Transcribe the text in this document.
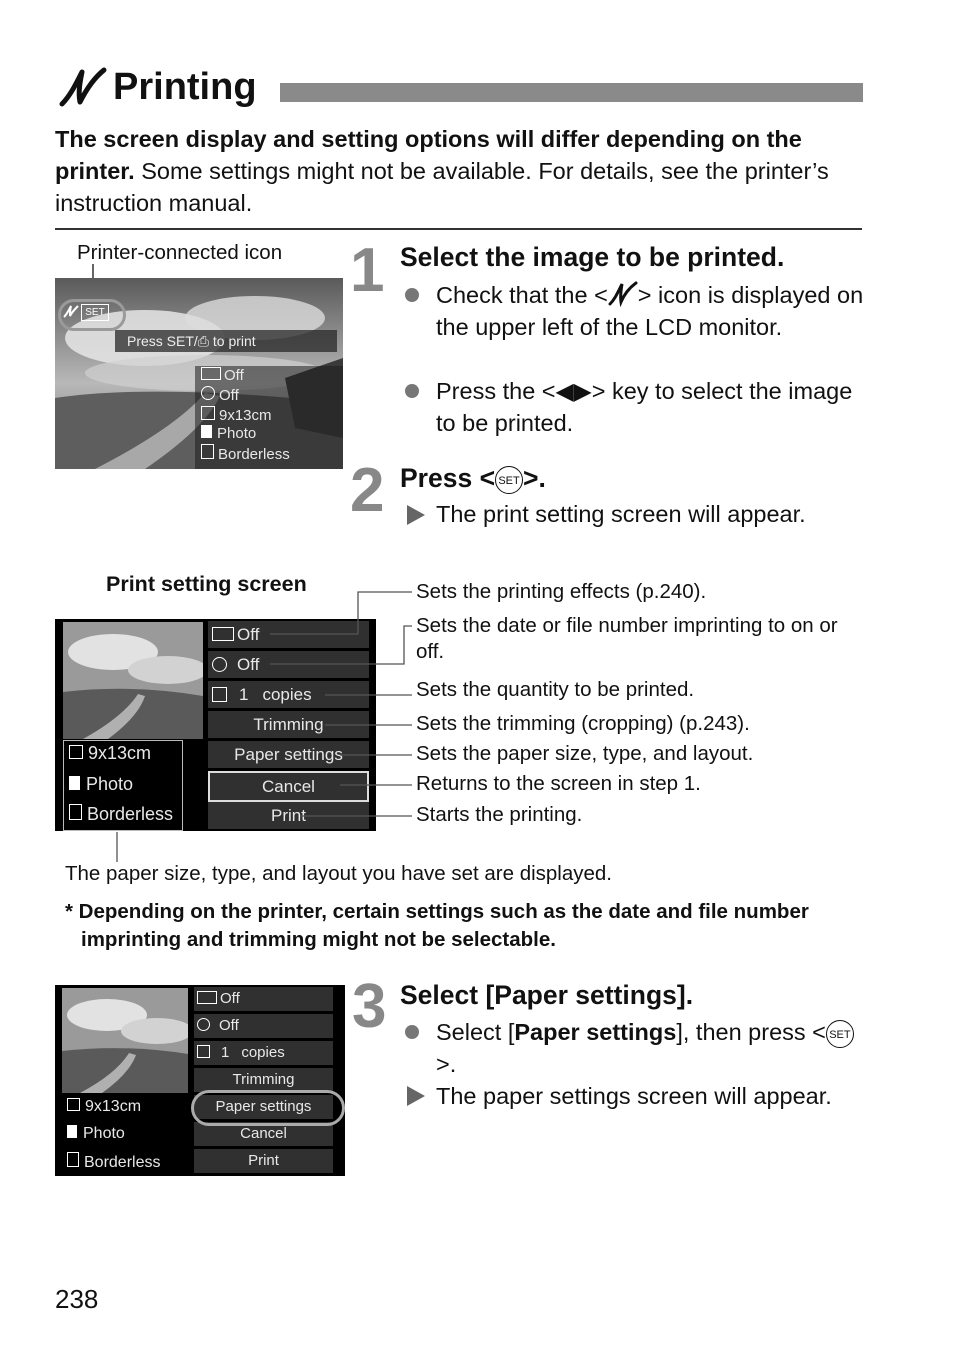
Printing
The screen display and setting options will differ depending on the printer. Some settings might not be available. For details, see the printer’s instruction manual.
Printer-connected icon
SET
Press SET/⎙ to print
Off
Off
9x13cm
Photo
Borderless
1 Select the image to be printed.
Check that the < > icon is displayed on the upper left of the LCD monitor.
Press the <◀▶> key to select the image to be printed.
2 Press < SET >.
The print setting screen will appear.
Print setting screen
9x13cm
Photo
Borderless
Off
Off
1 copies
Trimming
Paper settings
Cancel
Print
Sets the printing effects (p.240).
Sets the date or file number imprinting to on or off.
Sets the quantity to be printed.
Sets the trimming (cropping) (p.243).
Sets the paper size, type, and layout.
Returns to the screen in step 1.
Starts the printing.
The paper size, type, and layout you have set are displayed.
* Depending on the printer, certain settings such as the date and file number imprinting and trimming might not be selectable.
9x13cm
Photo
Borderless
Off
Off
1 copies
Trimming
Paper settings
Cancel
Print
3 Select [Paper settings].
Select [Paper settings], then press < SET>.
The paper settings screen will appear.
238
